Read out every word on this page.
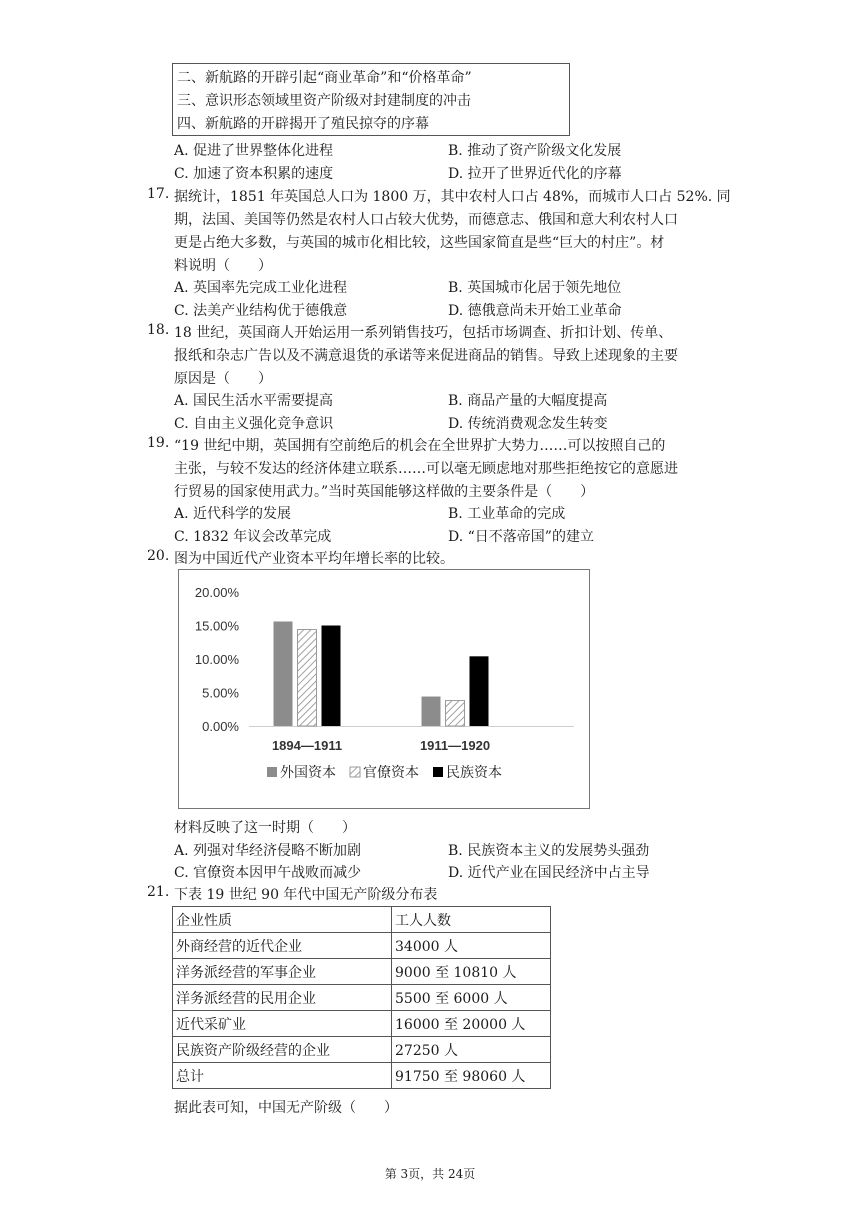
二、新航路的开辟引起“商业革命”和“价格革命”
三、意识形态领域里资产阶级对封建制度的冲击
四、新航路的开辟揭开了殖民掠夺的序幕
A. 促进了世界整体化进程	B. 推动了资产阶级文化发展
C. 加速了资本积累的速度	D. 拉开了世界近代化的序幕
17. 据统计，1851 年英国总人口为 1800 万，其中农村人口占 48%，而城市人口占 52%. 同
期，法国、美国等仍然是农村人口占较大优势，而德意志、俄国和意大利农村人口
更是占绝大多数，与英国的城市化相比较，这些国家简直是些“巨大的村庄”。材
料说明（　　）
A. 英国率先完成工业化进程	B. 英国城市化居于领先地位
C. 法美产业结构优于德俄意	D. 德俄意尚未开始工业革命
18. 18 世纪，英国商人开始运用一系列销售技巧，包括市场调查、折扣计划、传单、
报纸和杂志广告以及不满意退货的承诺等来促进商品的销售。导致上述现象的主要
原因是（　　）
A. 国民生活水平需要提高	B. 商品产量的大幅度提高
C. 自由主义强化竞争意识	D. 传统消费观念发生转变
19. “19 世纪中期，英国拥有空前绝后的机会在全世界扩大势力……可以按照自己的
主张，与较不发达的经济体建立联系……可以毫无顾虑地对那些拒绝按它的意愿进
行贸易的国家使用武力。”当时英国能够这样做的主要条件是（　　）
A. 近代科学的发展	B. 工业革命的完成
C. 1832 年议会改革完成	D. “日不落帝国”的建立
20. 图为中国近代产业资本平均年增长率的比较。
20.00%
15.00%
10.00%
5.00%
0.00%
1894—1911	1911—1920
外国资本 官僚资本 民族资本
材料反映了这一时期（　　）
A. 列强对华经济侵略不断加剧	B. 民族资本主义的发展势头强劲
C. 官僚资本因甲午战败而减少	D. 近代产业在国民经济中占主导
21. 下表 19 世纪 90 年代中国无产阶级分布表
企业性质	工人人数
外商经营的近代企业	34000 人
洋务派经营的军事企业	9000 至 10810 人
洋务派经营的民用企业	5500 至 6000 人
近代采矿业	16000 至 20000 人
民族资产阶级经营的企业	27250 人
总计	91750 至 98060 人
据此表可知，中国无产阶级（　　）
第 3页，共 24页
